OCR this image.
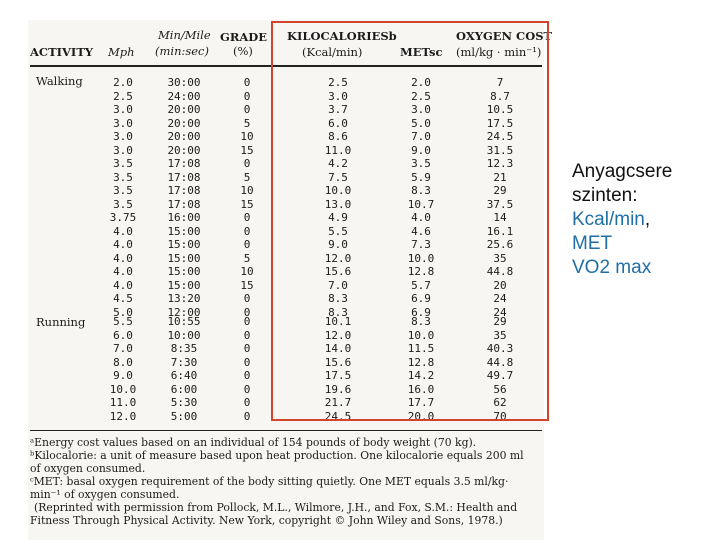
ACTIVITY Mph
Min/Mile
(min:sec)
GRADE
(%)
KILOCALORIESb
(Kcal/min)	METsc
OXYGEN COST
(ml/kg · min⁻¹)
Walking
Running
2.0
2.5
3.0
3.0
3.0
3.0
3.5
3.5
3.5
3.5
3.75
4.0
4.0
4.0
4.0
4.0
4.5
5.0
30:00
24:00
20:00
20:00
20:00
20:00
17:08
17:08
17:08
17:08
16:00
15:00
15:00
15:00
15:00
15:00
13:20
12:00
0
0
0
5
10
15
0
5
10
15
0
0
0
5
10
15
0
0
2.5
3.0
3.7
6.0
8.6
11.0
4.2
7.5
10.0
13.0
4.9
5.5
9.0
12.0
15.6
7.0
8.3
8.3
2.0
2.5
3.0
5.0
7.0
9.0
3.5
5.9
8.3
10.7
4.0
4.6
7.3
10.0
12.8
5.7
6.9
6.9
7
8.7
10.5
17.5
24.5
31.5
12.3
21
29
37.5
14
16.1
25.6
35
44.8
20
24
24
5.5
6.0
7.0
8.0
9.0
10.0
11.0
12.0
10:55
10:00
8:35
7:30
6:40
6:00
5:30
5:00
0
0
0
0
0
0
0
0
10.1
12.0
14.0
15.6
17.5
19.6
21.7
24.5
8.3
10.0
11.5
12.8
14.2
16.0
17.7
20.0
29
35
40.3
44.8
49.7
56
62
70
ᵃEnergy cost values based on an individual of 154 pounds of body weight (70 kg).
ᵇKilocalorie: a unit of measure based upon heat production. One kilocalorie equals 200 ml
of oxygen consumed.
ᶜMET: basal oxygen requirement of the body sitting quietly. One MET equals 3.5 ml/kg·
min⁻¹ of oxygen consumed.
(Reprinted with permission from Pollock, M.L., Wilmore, J.H., and Fox, S.M.: Health and
Fitness Through Physical Activity. New York, copyright © John Wiley and Sons, 1978.)
Anyagcsere
szinten:
Kcal/min,
MET
VO2 max
